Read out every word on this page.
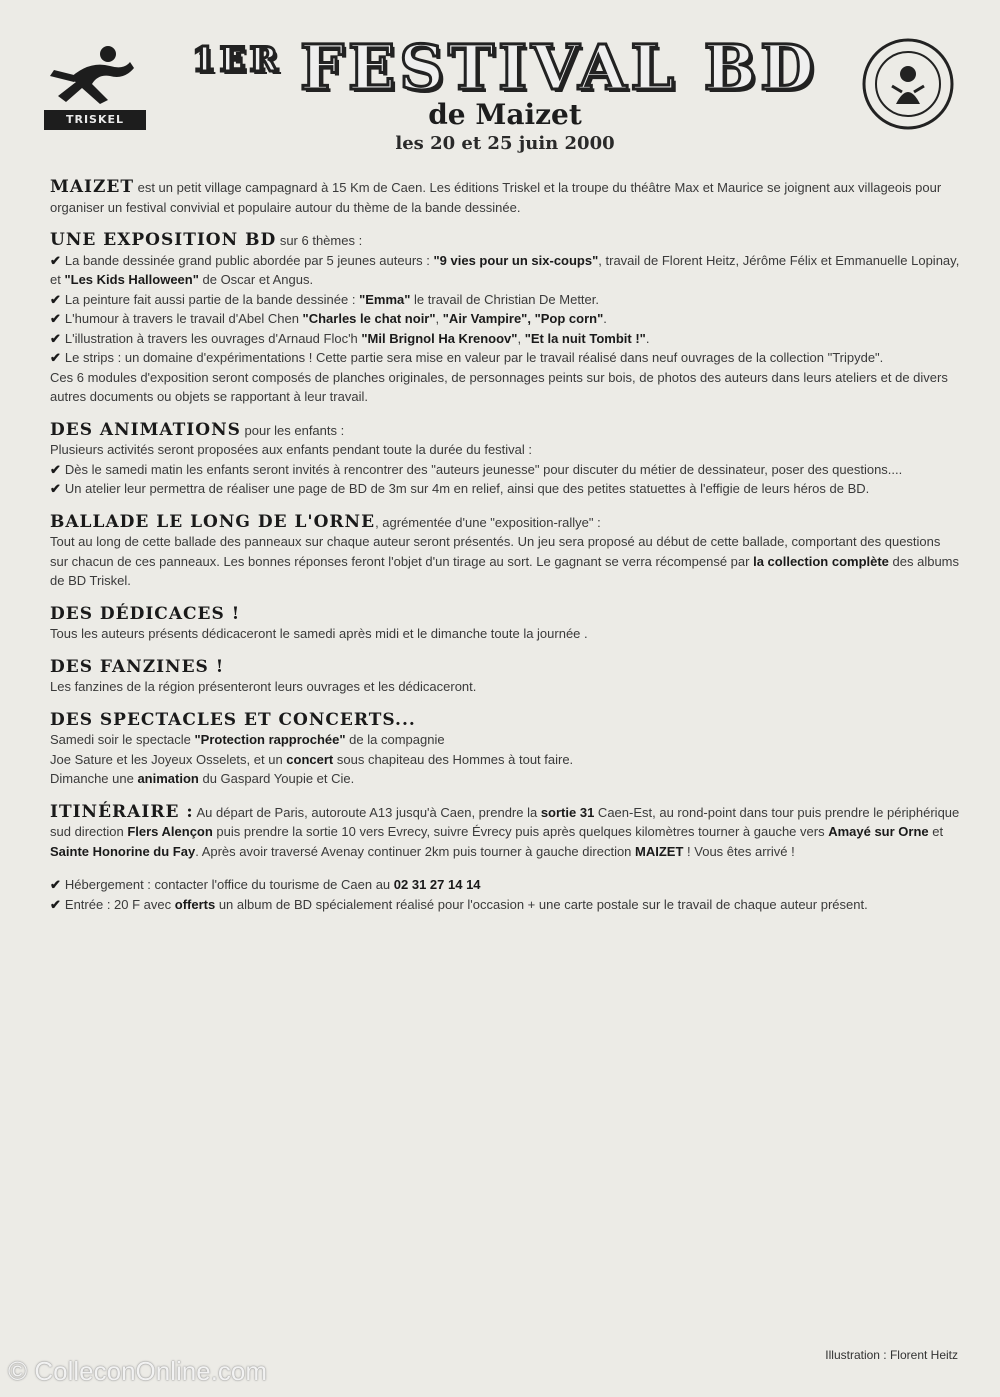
TRISKEL
$^{1ER}$ FESTIVAL BD
de Maizet
les 20 et 25 juin 2000

MAIZET est un petit village campagnard à 15 Km de Caen. Les éditions Triskel et la troupe du théâtre Max et Maurice se joignent aux villageois pour organiser un festival convivial et populaire autour du thème de la bande dessinée.

UNE EXPOSITION BD sur 6 thèmes :

✔ La bande dessinée grand public abordée par 5 jeunes auteurs : "9 vies pour un six-coups", travail de Florent Heitz, Jérôme Félix et Emmanuelle Lopinay, et "Les Kids Halloween" de Oscar et Angus.

✔ La peinture fait aussi partie de la bande dessinée : "Emma" le travail de Christian De Metter.

✔ L'humour à travers le travail d'Abel Chen "Charles le chat noir", "Air Vampire", "Pop corn".

✔ L'illustration à travers les ouvrages d'Arnaud Floc'h "Mil Brignol Ha Krenoov", "Et la nuit Tombit !".

✔ Le strips : un domaine d'expérimentations ! Cette partie sera mise en valeur par le travail réalisé dans neuf ouvrages de la collection "Tripyde".

Ces 6 modules d'exposition seront composés de planches originales, de personnages peints sur bois, de photos des auteurs dans leurs ateliers et de divers autres documents ou objets se rapportant à leur travail.

DES ANIMATIONS pour les enfants :

Plusieurs activités seront proposées aux enfants pendant toute la durée du festival :

✔ Dès le samedi matin les enfants seront invités à rencontrer des "auteurs jeunesse" pour discuter du métier de dessinateur, poser des questions....

✔ Un atelier leur permettra de réaliser une page de BD de 3m sur 4m en relief, ainsi que des petites statuettes à l'effigie de leurs héros de BD.

BALLADE LE LONG DE L'ORNE, agrémentée d'une "exposition-rallye" :

Tout au long de cette ballade des panneaux sur chaque auteur seront présentés. Un jeu sera proposé au début de cette ballade, comportant des questions sur chacun de ces panneaux. Les bonnes réponses feront l'objet d'un tirage au sort. Le gagnant se verra récompensé par la collection complète des albums de BD Triskel.

DES DÉDICACES !

Tous les auteurs présents dédicaceront le samedi après midi et le dimanche toute la journée .

DES FANZINES !

Les fanzines de la région présenteront leurs ouvrages et les dédicaceront.

DES SPECTACLES ET CONCERTS...

Samedi soir le spectacle "Protection rapprochée" de la compagnie

Joe Sature et les Joyeux Osselets, et un concert sous chapiteau des Hommes à tout faire.

Dimanche une animation du Gaspard Youpie et Cie.

ITINÉRAIRE : Au départ de Paris, autoroute A13 jusqu'à Caen, prendre la sortie 31 Caen-Est, au rond-point dans tour puis prendre le périphérique sud direction Flers Alençon puis prendre la sortie 10 vers Evrecy, suivre Évrecy puis après quelques kilomètres tourner à gauche vers Amayé sur Orne et Sainte Honorine du Fay. Après avoir traversé Avenay continuer 2km puis tourner à gauche direction MAIZET ! Vous êtes arrivé !

✔ Hébergement : contacter l'office du tourisme de Caen au 02 31 27 14 14

✔ Entrée : 20 F avec offerts un album de BD spécialement réalisé pour l'occasion + une carte postale sur le travail de chaque auteur présent.

Illustration : Florent Heitz
© ColleconOnline.com
